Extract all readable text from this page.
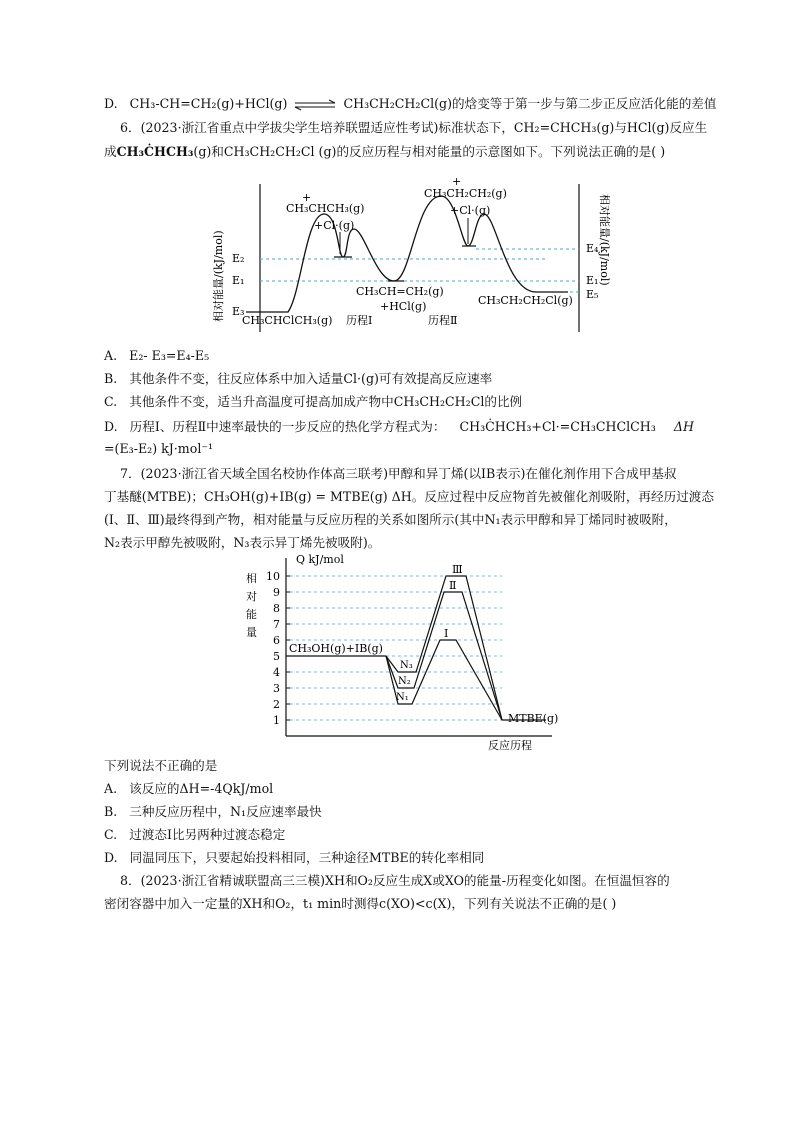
D. CH₃-CH=CH₂(g)+HCl(g) ⇌ CH₃CH₂CH₂Cl(g)的焓变等于第一步与第二步正反应活化能的差值
6．(2023·浙江省重点中学拔尖学生培养联盟适应性考试)标准状态下，CH₂=CHCH₃(g)与HCl(g)反应生
成CH₃ĊHCH₃(g)和CH₃CH₂CH₂Cl (g)的反应历程与相对能量的示意图如下。下列说法正确的是( )
E₂
E₁
E₃
E₄
E₁
E₅
相对能量/(kJ/mol)	相对能量/(kJ/mol)
+
CH₃CHCH₃(g)
+Cl·(g)
+
CH₃CH₂CH₂(g)
+Cl·(g)
CH₃CH=CH₂(g)
+HCl(g)
CH₃CHClCH₃(g)
CH₃CH₂CH₂Cl(g)
历程Ⅰ	历程Ⅱ
A. E₂- E₃=E₄-E₅
B. 其他条件不变，往反应体系中加入适量Cl·(g)可有效提高反应速率
C. 其他条件不变，适当升高温度可提高加成产物中CH₃CH₂CH₂Cl的比例
D. 历程Ⅰ、历程Ⅱ中速率最快的一步反应的热化学方程式为： CH₃ĊHCH₃+Cl·=CH₃CHClCH₃ ΔH
=(E₃-E₂) kJ·mol⁻¹
7．(2023·浙江省天域全国名校协作体高三联考)甲醇和异丁烯(以IB表示)在催化剂作用下合成甲基叔
丁基醚(MTBE)；CH₃OH(g)+IB(g) = MTBE(g) ΔH。反应过程中反应物首先被催化剂吸附，再经历过渡态
(Ⅰ、Ⅱ、Ⅲ)最终得到产物，相对能量与反应历程的关系如图所示(其中N₁表示甲醇和异丁烯同时被吸附，
N₂表示甲醇先被吸附，N₃表示异丁烯先被吸附)。
Q kJ/mol
相
对
能
量
反应历程
1
2
3
4
5
6
7
8
9
10
CH₃OH(g)+IB(g)
MTBE(g)
N₁
Ⅰ
N₂
Ⅱ
N₃
Ⅲ
下列说法不正确的是
A. 该反应的ΔH=-4QkJ/mol
B. 三种反应历程中，N₁反应速率最快
C. 过渡态Ⅰ比另两种过渡态稳定
D. 同温同压下，只要起始投料相同，三种途径MTBE的转化率相同
8．(2023·浙江省精诚联盟高三三模)XH和O₂反应生成X或XO的能量-历程变化如图。在恒温恒容的
密闭容器中加入一定量的XH和O₂，t₁ min时测得c(XO)<c(X)，下列有关说法不正确的是( )
